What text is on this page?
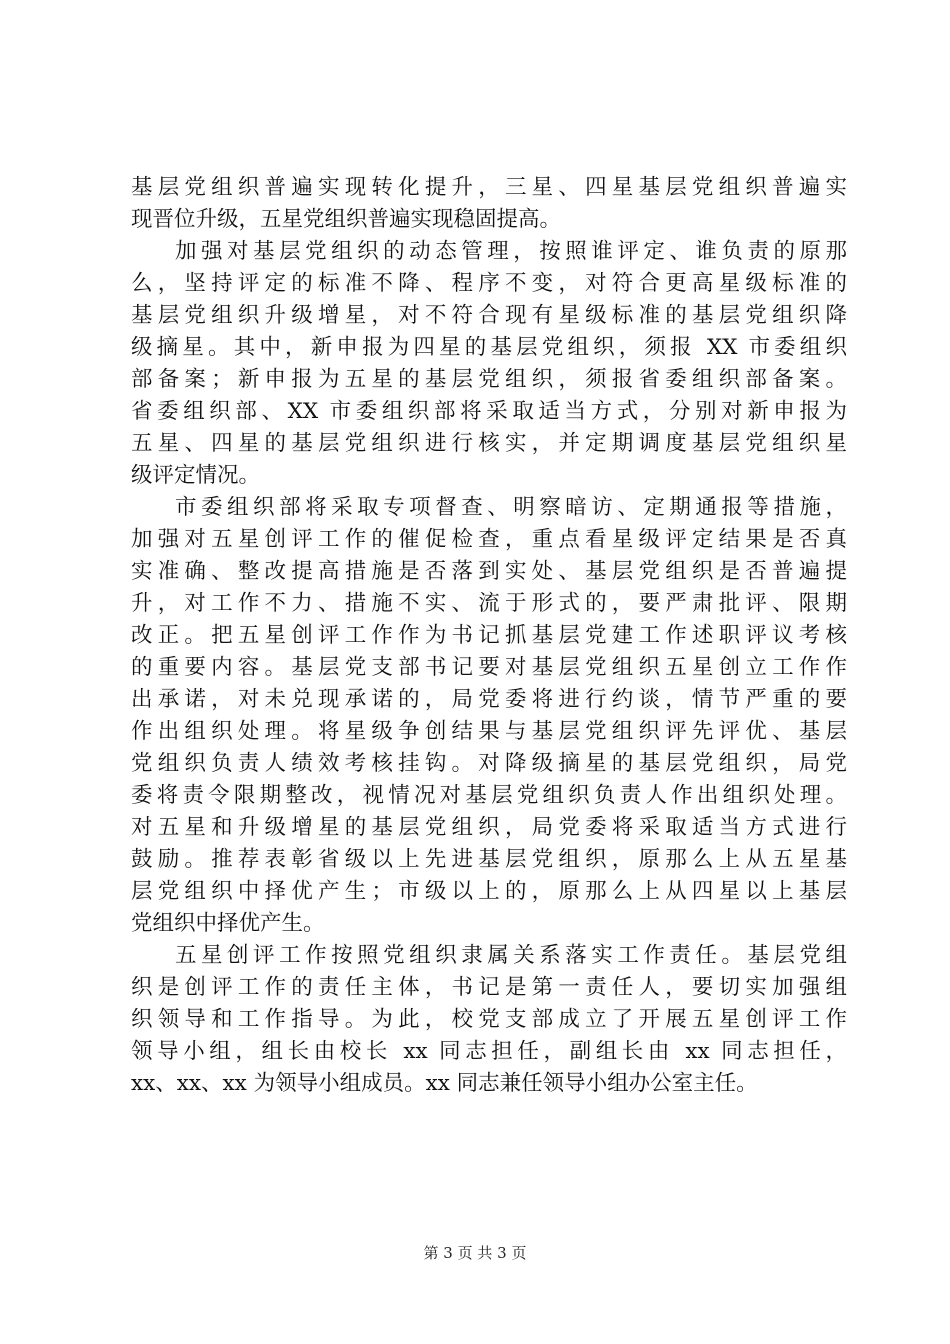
基层党组织普遍实现转化提升，三星、四星基层党组织普遍实
现晋位升级，五星党组织普遍实现稳固提高。
加强对基层党组织的动态管理，按照谁评定、谁负责的原那
么，坚持评定的标准不降、程序不变，对符合更高星级标准的
基层党组织升级增星，对不符合现有星级标准的基层党组织降
级摘星。其中，新申报为四星的基层党组织，须报 XX 市委组织
部备案；新申报为五星的基层党组织，须报省委组织部备案。
省委组织部、XX 市委组织部将采取适当方式，分别对新申报为
五星、四星的基层党组织进行核实，并定期调度基层党组织星
级评定情况。
市委组织部将采取专项督查、明察暗访、定期通报等措施，
加强对五星创评工作的催促检查，重点看星级评定结果是否真
实准确、整改提高措施是否落到实处、基层党组织是否普遍提
升，对工作不力、措施不实、流于形式的，要严肃批评、限期
改正。把五星创评工作作为书记抓基层党建工作述职评议考核
的重要内容。基层党支部书记要对基层党组织五星创立工作作
出承诺，对未兑现承诺的，局党委将进行约谈，情节严重的要
作出组织处理。将星级争创结果与基层党组织评先评优、基层
党组织负责人绩效考核挂钩。对降级摘星的基层党组织，局党
委将责令限期整改，视情况对基层党组织负责人作出组织处理。
对五星和升级增星的基层党组织，局党委将采取适当方式进行
鼓励。推荐表彰省级以上先进基层党组织，原那么上从五星基
层党组织中择优产生；市级以上的，原那么上从四星以上基层
党组织中择优产生。
五星创评工作按照党组织隶属关系落实工作责任。基层党组
织是创评工作的责任主体，书记是第一责任人，要切实加强组
织领导和工作指导。为此，校党支部成立了开展五星创评工作
领导小组，组长由校长 xx 同志担任，副组长由 xx 同志担任，
xx、xx、xx 为领导小组成员。xx 同志兼任领导小组办公室主任。
第 3 页 共 3 页
